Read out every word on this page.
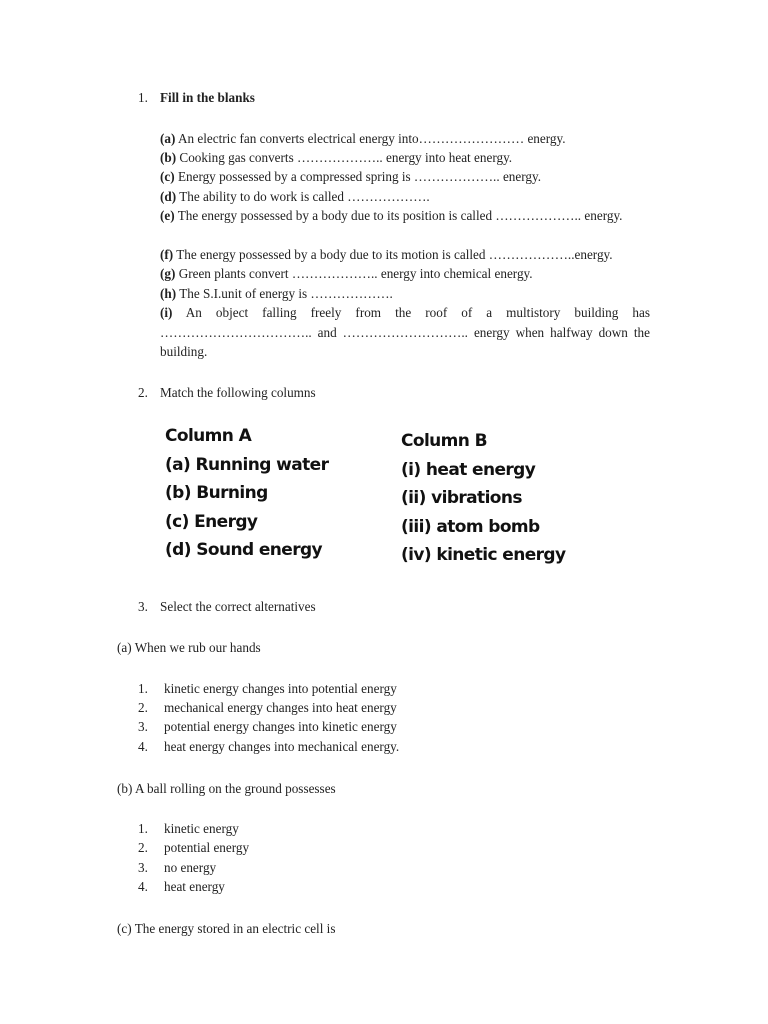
1. Fill in the blanks
(a) An electric fan converts electrical energy into…………………… energy.
(b) Cooking gas converts ……………….. energy into heat energy.
(c) Energy possessed by a compressed spring is ……………….. energy.
(d) The ability to do work is called ……………….
(e) The energy possessed by a body due to its position is called ……………….. energy.
(f) The energy possessed by a body due to its motion is called ………………..energy.
(g) Green plants convert ……………….. energy into chemical energy.
(h) The S.I.unit of energy is ……………….
(i) An object falling freely from the roof of a multistory building has …………………………….. and ……………………….. energy when halfway down the building.
2. Match the following columns
Column A
(a) Running water
(b) Burning
(c) Energy
(d) Sound energy
Column B
(i) heat energy
(ii) vibrations
(iii) atom bomb
(iv) kinetic energy
3. Select the correct alternatives
(a) When we rub our hands
1. kinetic energy changes into potential energy
2. mechanical energy changes into heat energy
3. potential energy changes into kinetic energy
4. heat energy changes into mechanical energy.
(b) A ball rolling on the ground possesses
1. kinetic energy
2. potential energy
3. no energy
4. heat energy
(c) The energy stored in an electric cell is
